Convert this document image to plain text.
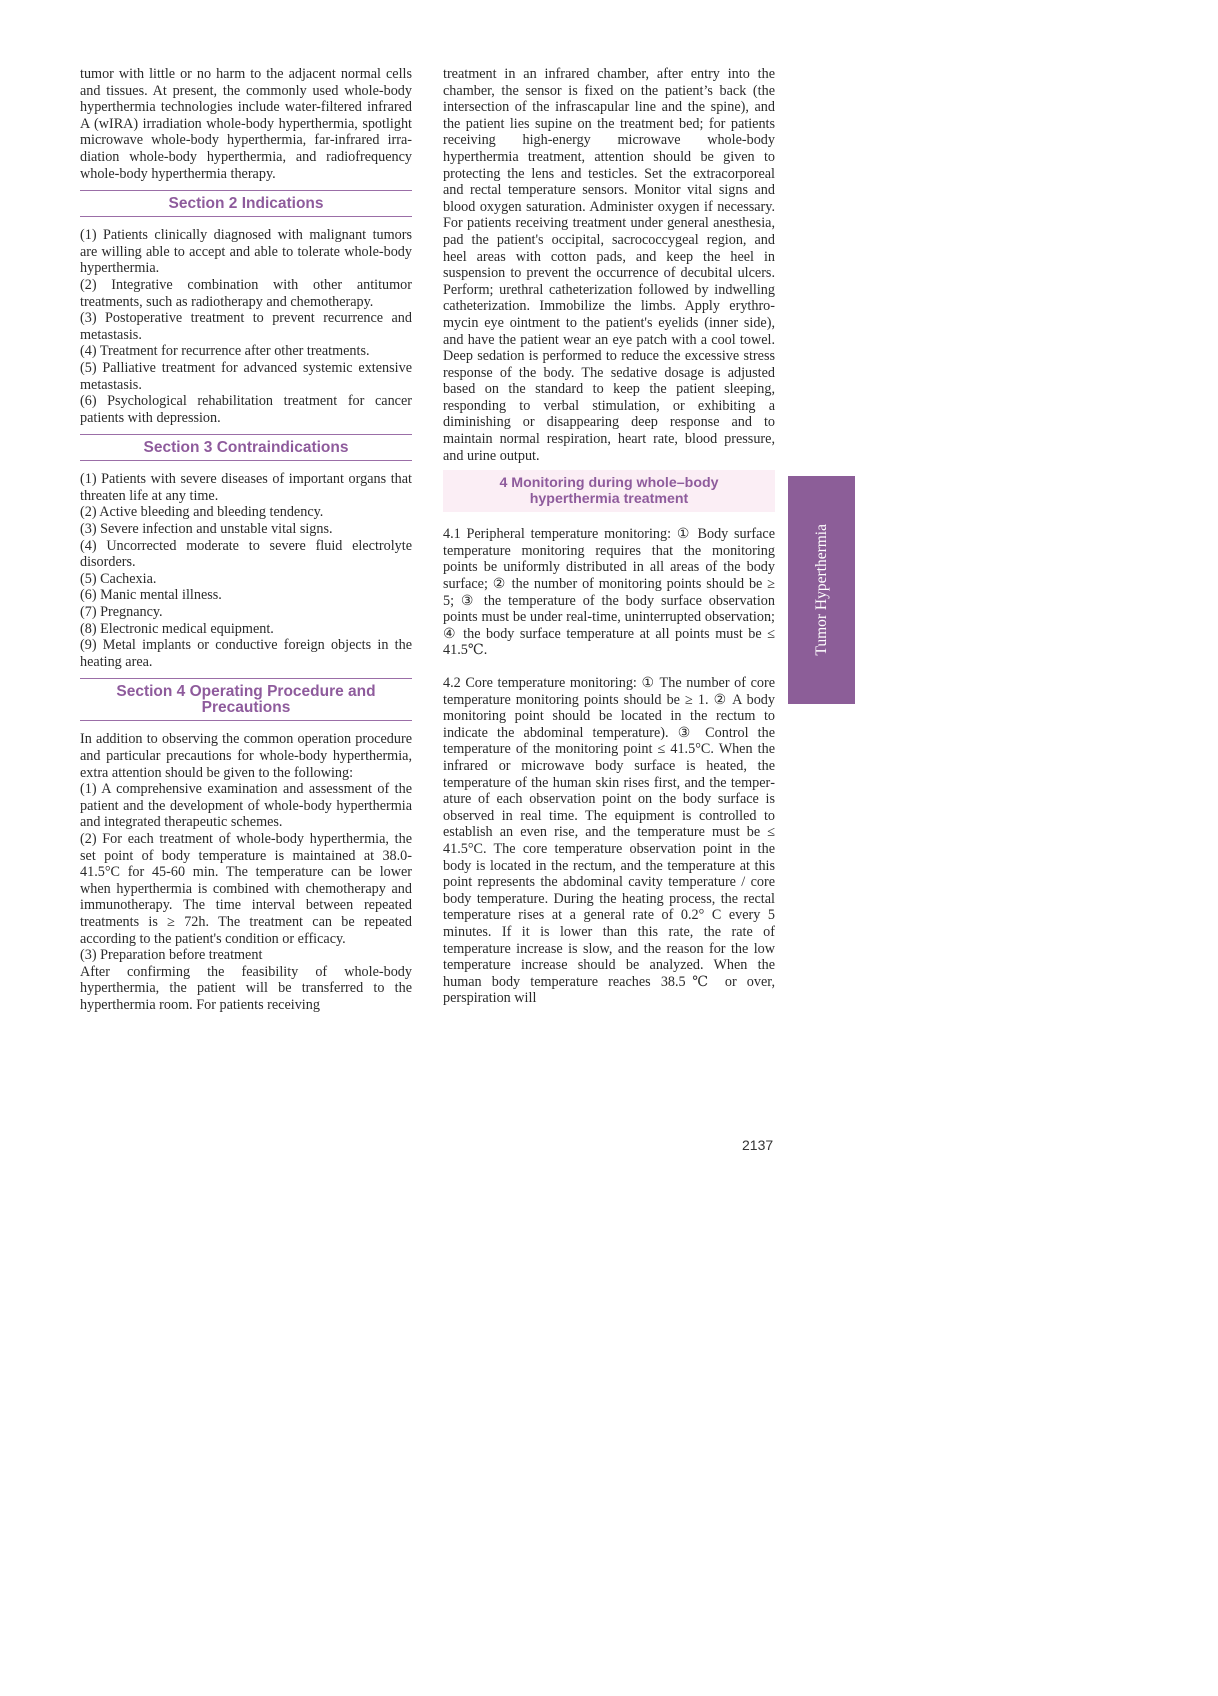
tumor with little or no harm to the adjacent normal cells and tissues. At present, the commonly used whole-body hyperthermia technologies include water-filtered infrared A (wIRA) irradiation whole-body hyperthermia, spotlight microwave whole-body hyperthermia, far-infrared irradiation whole-body hyperthermia, and radiofrequency whole-body hyperthermia therapy.

Section 2 Indications

(1) Patients clinically diagnosed with malignant tumors are willing able to accept and able to tolerate whole-body hyperthermia.

(2) Integrative combination with other antitumor treatments, such as radiotherapy and chemotherapy.

(3) Postoperative treatment to prevent recurrence and metastasis.

(4) Treatment for recurrence after other treatments.

(5) Palliative treatment for advanced systemic extensive metastasis.

(6) Psychological rehabilitation treatment for cancer patients with depression.

Section 3 Contraindications

(1) Patients with severe diseases of important organs that threaten life at any time.

(2) Active bleeding and bleeding tendency.

(3) Severe infection and unstable vital signs.

(4) Uncorrected moderate to severe fluid electrolyte disorders.

(5) Cachexia.

(6) Manic mental illness.

(7) Pregnancy.

(8) Electronic medical equipment.

(9) Metal implants or conductive foreign objects in the heating area.

Section 4 Operating Procedure and
Precautions

In addition to observing the common operation procedure and particular precautions for whole-body hyperthermia, extra attention should be given to the following:

(1) A comprehensive examination and assessment of the patient and the development of whole-body hyperthermia and integrated therapeutic schemes.

(2) For each treatment of whole-body hyperthermia, the set point of body temperature is maintained at 38.0-41.5°C for 45-60 min. The temperature can be lower when hyperthermia is combined with chemotherapy and immunotherapy. The time interval between repeated treatments is ≥ 72h. The treatment can be repeated according to the patient's condition or efficacy.

(3) Preparation before treatment

After confirming the feasibility of whole-body hyperthermia, the patient will be transferred to the hyperthermia room. For patients receiving

treatment in an infrared chamber, after entry into the chamber, the sensor is fixed on the patient’s back (the intersection of the infrascapular line and the spine), and the patient lies supine on the treatment bed; for patients receiving high-energy microwave whole-body hyperthermia treatment, attention should be given to protecting the lens and testicles. Set the extracorporeal and rectal temperature sensors. Monitor vital signs and blood oxygen saturation. Administer oxygen if necessary. For patients receiving treatment under general anesthesia, pad the patient's occipital, sacrococcygeal region, and heel areas with cotton pads, and keep the heel in suspension to prevent the occurrence of decubital ulcers. Perform; urethral catheterization followed by indwelling catheterization. Immobilize the limbs. Apply erythromycin eye ointment to the patient's eyelids (inner side), and have the patient wear an eye patch with a cool towel. Deep sedation is performed to reduce the excessive stress response of the body. The sedative dosage is adjusted based on the standard to keep the patient sleeping, responding to verbal stimulation, or exhibiting a diminishing or disappearing deep response and to maintain normal respiration, heart rate, blood pressure, and urine output.

4 Monitoring during whole–body
hyperthermia treatment

4.1 Peripheral temperature monitoring: ① Body surface temperature monitoring requires that the monitoring points be uniformly distributed in all areas of the body surface; ② the number of monitoring points should be ≥ 5; ③ the temperature of the body surface observation points must be under real-time, uninterrupted observation; ④ the body surface temperature at all points must be ≤ 41.5℃.

4.2 Core temperature monitoring: ① The number of core temperature monitoring points should be ≥ 1. ② A body monitoring point should be located in the rectum to indicate the abdominal temperature). ③ Control the temperature of the monitoring point ≤ 41.5°C. When the infrared or microwave body surface is heated, the temperature of the human skin rises first, and the temperature of each observation point on the body surface is observed in real time. The equipment is controlled to establish an even rise, and the temperature must be ≤ 41.5°C. The core temperature observation point in the body is located in the rectum, and the temperature at this point represents the abdominal cavity temperature / core body temperature. During the heating process, the rectal temperature rises at a general rate of 0.2° C every 5 minutes. If it is lower than this rate, the rate of temperature increase is slow, and the reason for the low temperature increase should be analyzed. When the human body temperature reaches 38.5℃ or over, perspiration will

Tumor Hyperthermia
2137
